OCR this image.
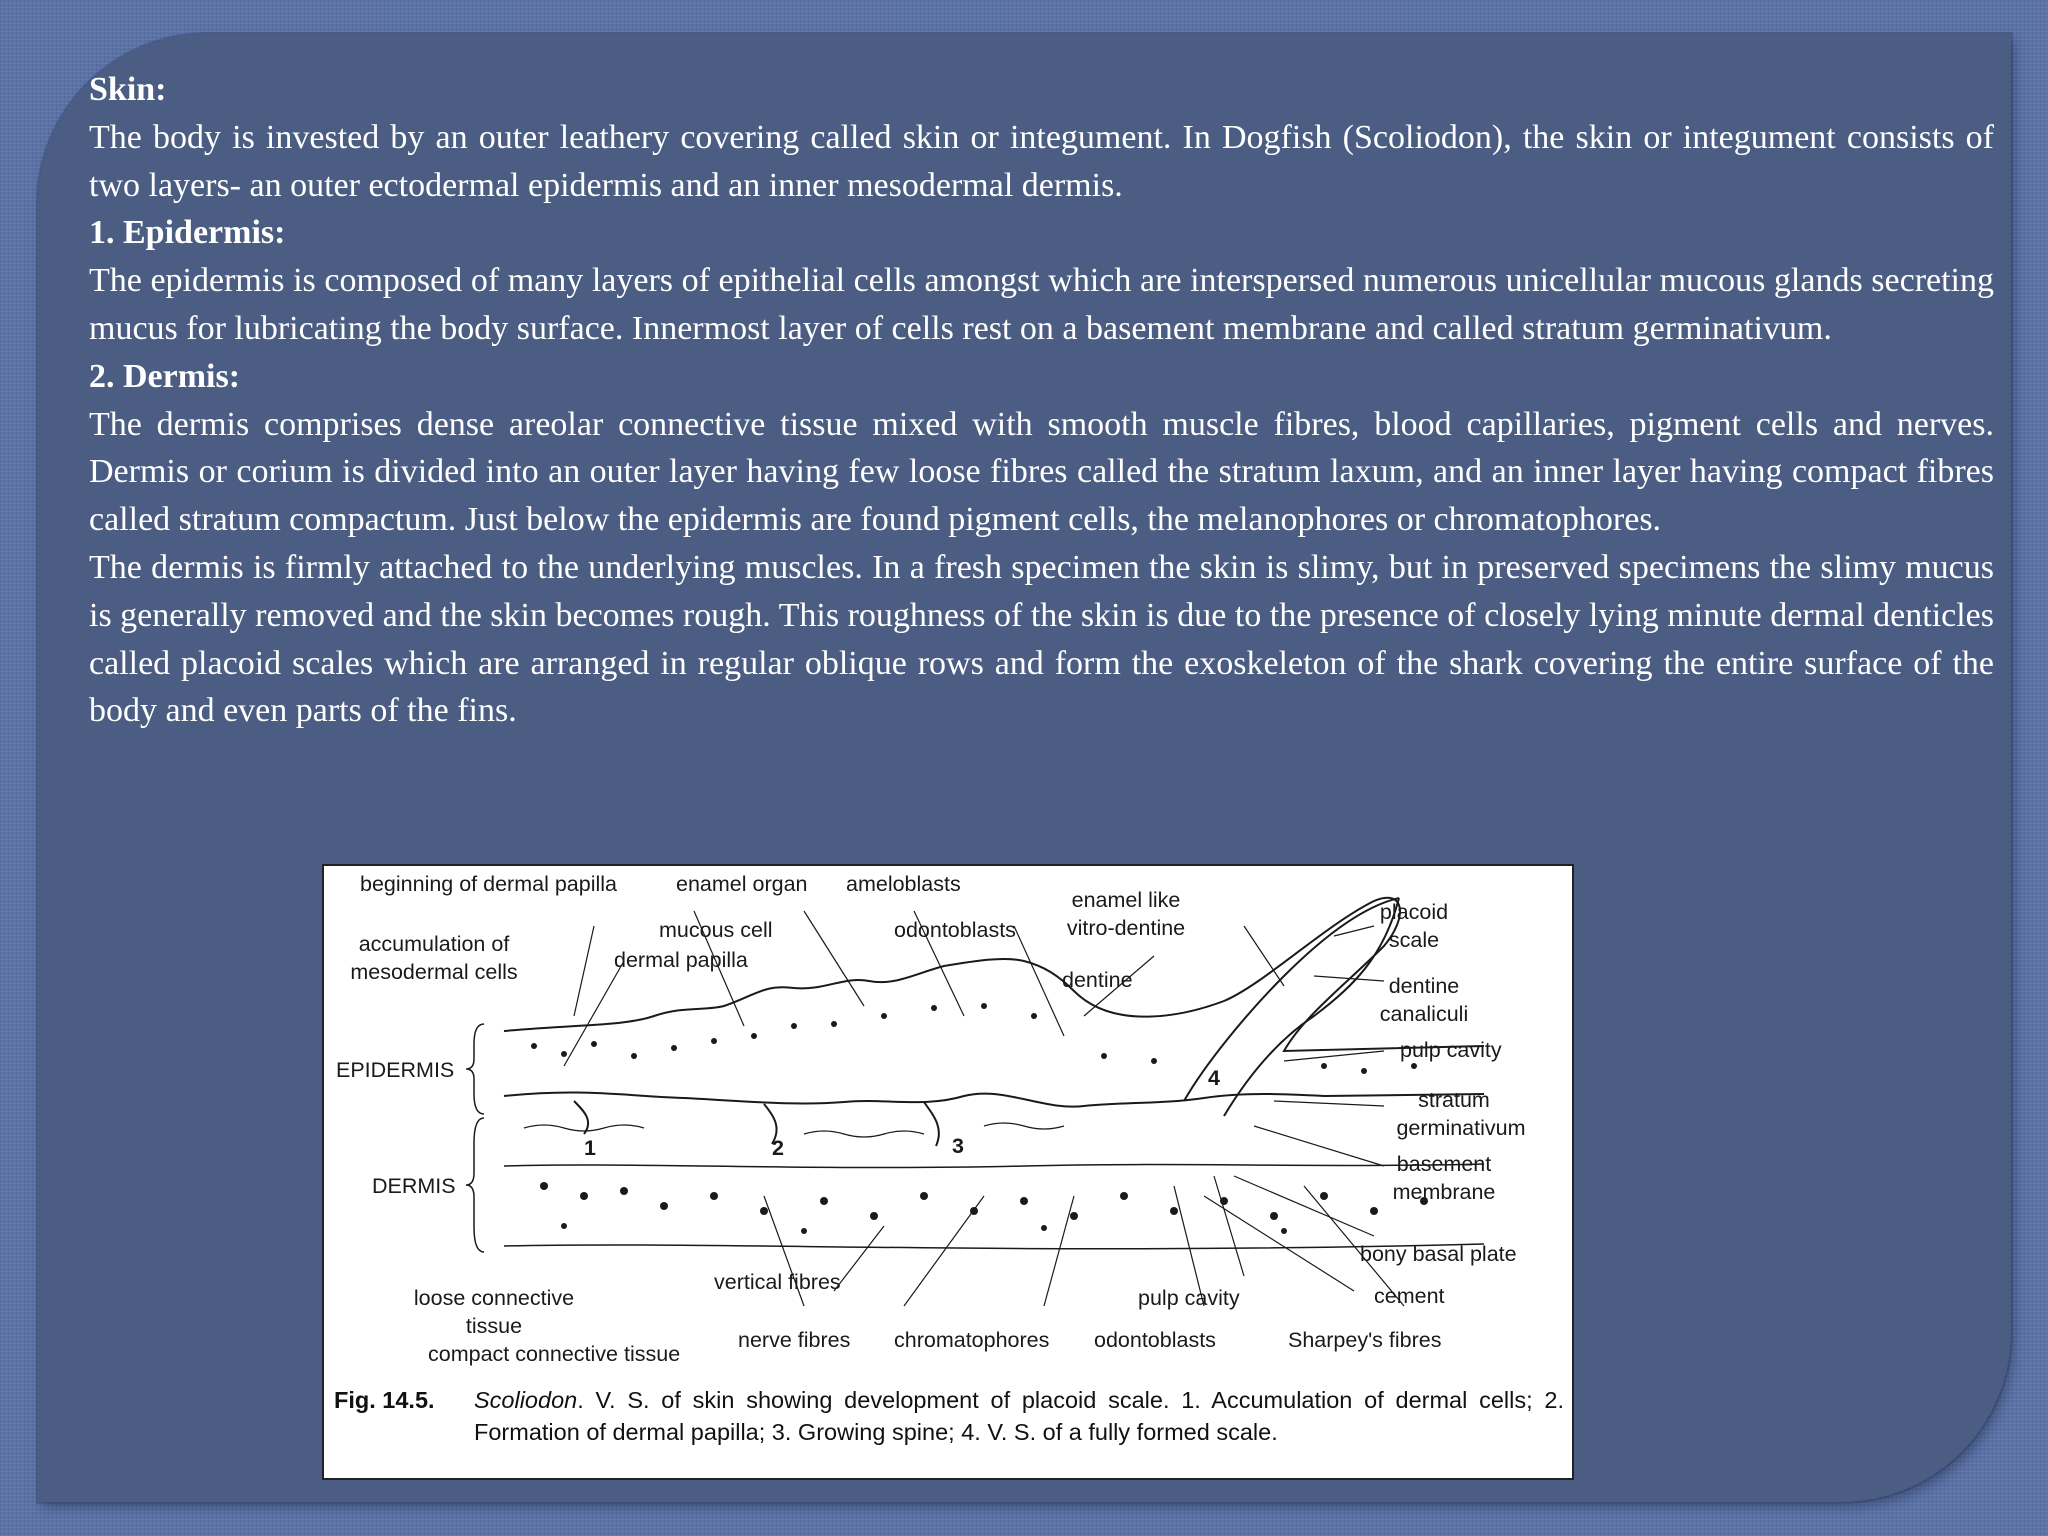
Skin:

The body is invested by an outer leathery covering called skin or integument. In Dogfish (Scoliodon), the skin or integument consists of two layers- an outer ectodermal epidermis and an inner mesodermal dermis.

1. Epidermis:

The epidermis is composed of many layers of epithelial cells amongst which are interspersed numerous unicellular mucous glands secreting mucus for lubricating the body surface. Innermost layer of cells rest on a basement membrane and called stratum germinativum.

2. Dermis:

The dermis comprises dense areolar connective tissue mixed with smooth muscle fibres, blood capillaries, pigment cells and nerves. Dermis or corium is divided into an outer layer having few loose fibres called the stratum laxum, and an inner layer having compact fibres called stratum compactum. Just below the epidermis are found pigment cells, the melanophores or chromatophores.

The dermis is firmly attached to the underlying muscles. In a fresh specimen the skin is slimy, but in preserved specimens the slimy mucus is generally removed and the skin becomes rough. This roughness of the skin is due to the presence of closely lying minute dermal denticles called placoid scales which are arranged in regular oblique rows and form the exoskeleton of the shark covering the entire surface of the body and even parts of the fins.

beginning of dermal papilla	enamel organ ameloblasts
enamel like
vitro-dentine
placoid
scale
accumulation of
mesodermal cells
mucous cell
dermal papilla
odontoblasts
dentine	dentine
canaliculi
pulp cavity
EPIDERMIS
stratum
germinativum
DERMIS
basement
membrane
bony basal plate
vertical fibres
loose connective
tissue
compact connective tissue
pulp cavity	cement
nerve fibres chromatophores odontoblasts	Sharpey's fibres
1	2	3
4
Fig. 14.5. Scoliodon. V. S. of skin showing development of placoid scale. 1. Accumulation of dermal cells; 2. Formation of dermal papilla; 3. Growing spine; 4. V. S. of a fully formed scale.
